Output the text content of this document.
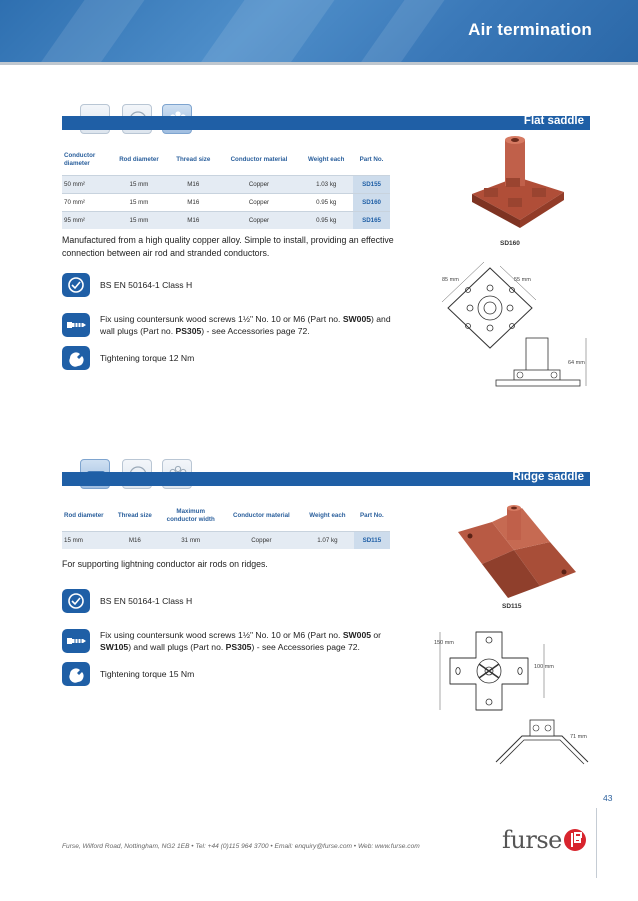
Air termination
Flat saddle
Conductor diameter	Rod diameter	Thread size	Conductor material	Weight each	Part No.
50 mm²	15 mm	M16	Copper	1.03 kg	SD155
70 mm²	15 mm	M16	Copper	0.95 kg	SD160
95 mm²	15 mm	M16	Copper	0.95 kg	SD165

Manufactured from a high quality copper alloy. Simple to install, providing an effective connection between air rod and stranded conductors.

BS EN 50164-1 Class H
Fix using countersunk wood screws 1½" No. 10 or M6 (Part no. SW005) and wall plugs (Part no. PS305) - see Accessories page 72.
Tightening torque 12 Nm
SD160
85 mm	55 mm
64 mm
Ridge saddle
Rod diameter	Thread size	Maximum conductor width	Conductor material	Weight each	Part No.
15 mm	M16	31 mm	Copper	1.07 kg	SD115

For supporting lightning conductor air rods on ridges.

BS EN 50164-1 Class H
Fix using countersunk wood screws 1½" No. 10 or M6 (Part no. SW005 or SW105) and wall plugs (Part no. PS305) - see Accessories page 72.
Tightening torque 15 Nm
SD115
150 mm
100 mm
71 mm
43
Furse, Wilford Road, Nottingham, NG2 1EB • Tel: +44 (0)115 964 3700 • Email: enquiry@furse.com • Web: www.furse.com	furse
